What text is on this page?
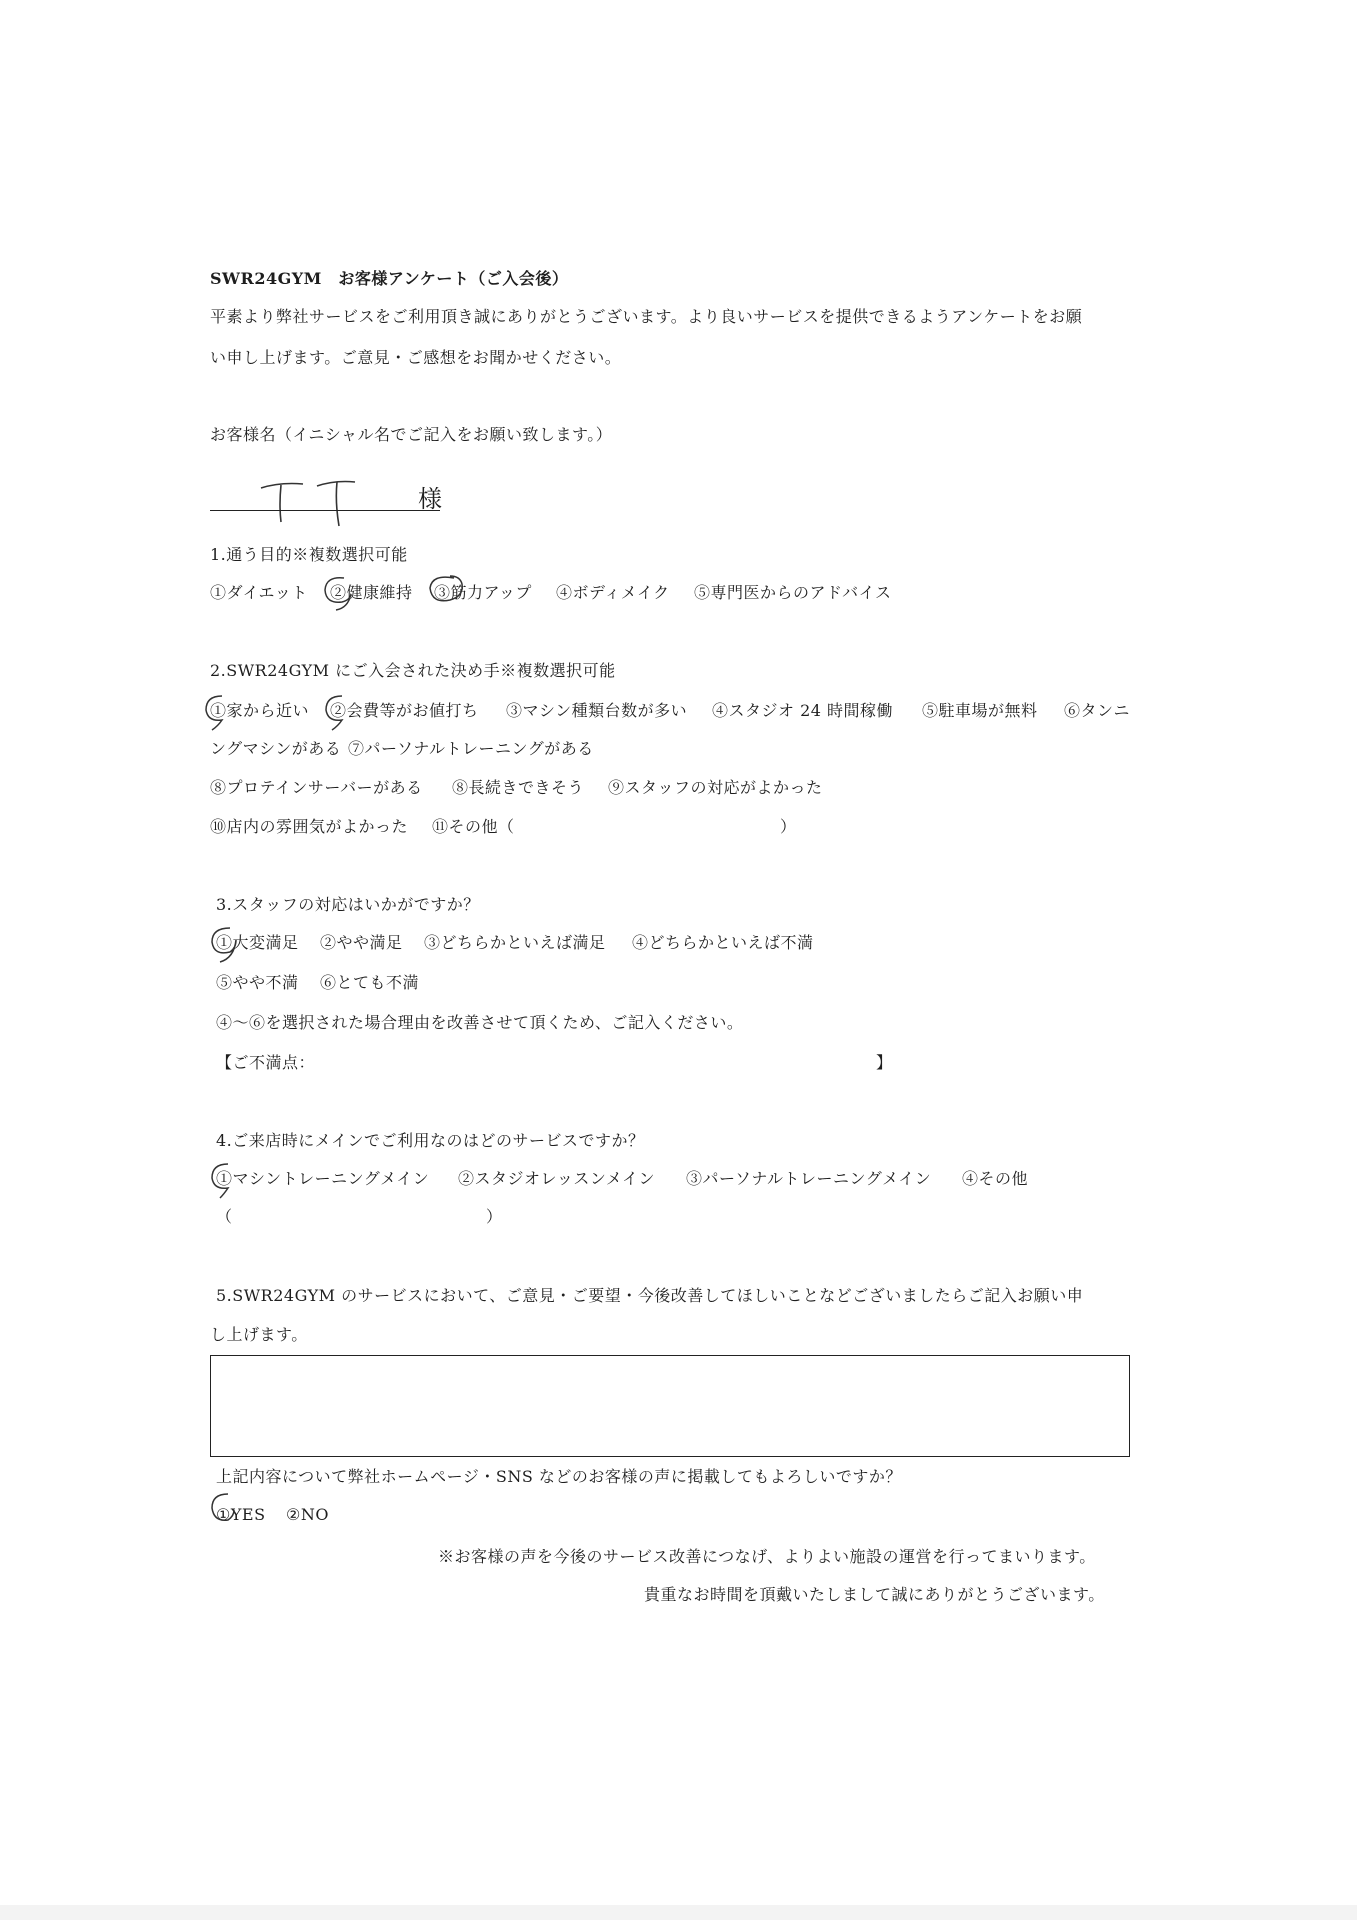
SWR24GYM　お客様アンケート（ご入会後）
平素より弊社サービスをご利用頂き誠にありがとうございます。より良いサービスを提供できるようアンケートをお願
い申し上げます。ご意見・ご感想をお聞かせください。
お客様名（イニシャル名でご記入をお願い致します。）
様
1.通う目的※複数選択可能
①ダイエット ②健康維持 ③筋力アップ ④ボディメイク ⑤専門医からのアドバイス
2.SWR24GYM にご入会された決め手※複数選択可能
①家から近い ②会費等がお値打ち ③マシン種類台数が多い ④スタジオ 24 時間稼働 ⑤駐車場が無料 ⑥タンニ
ングマシンがある ⑦パーソナルトレーニングがある
⑧プロテインサーバーがある ⑧長続きできそう ⑨スタッフの対応がよかった
⑩店内の雰囲気がよかった ⑪その他（	）
3.スタッフの対応はいかがですか？
①大変満足 ②やや満足 ③どちらかといえば満足 ④どちらかといえば不満
⑤やや不満 ⑥とても不満
④～⑥を選択された場合理由を改善させて頂くため、ご記入ください。
【ご不満点：	】
4.ご来店時にメインでご利用なのはどのサービスですか？
①マシントレーニングメイン ②スタジオレッスンメイン ③パーソナルトレーニングメイン ④その他
（	）
5.SWR24GYM のサービスにおいて、ご意見・ご要望・今後改善してほしいことなどございましたらご記入お願い申
し上げます。
上記内容について弊社ホームページ・SNS などのお客様の声に掲載してもよろしいですか？
①YES ②NO
※お客様の声を今後のサービス改善につなげ、よりよい施設の運営を行ってまいります。
貴重なお時間を頂戴いたしまして誠にありがとうございます。
